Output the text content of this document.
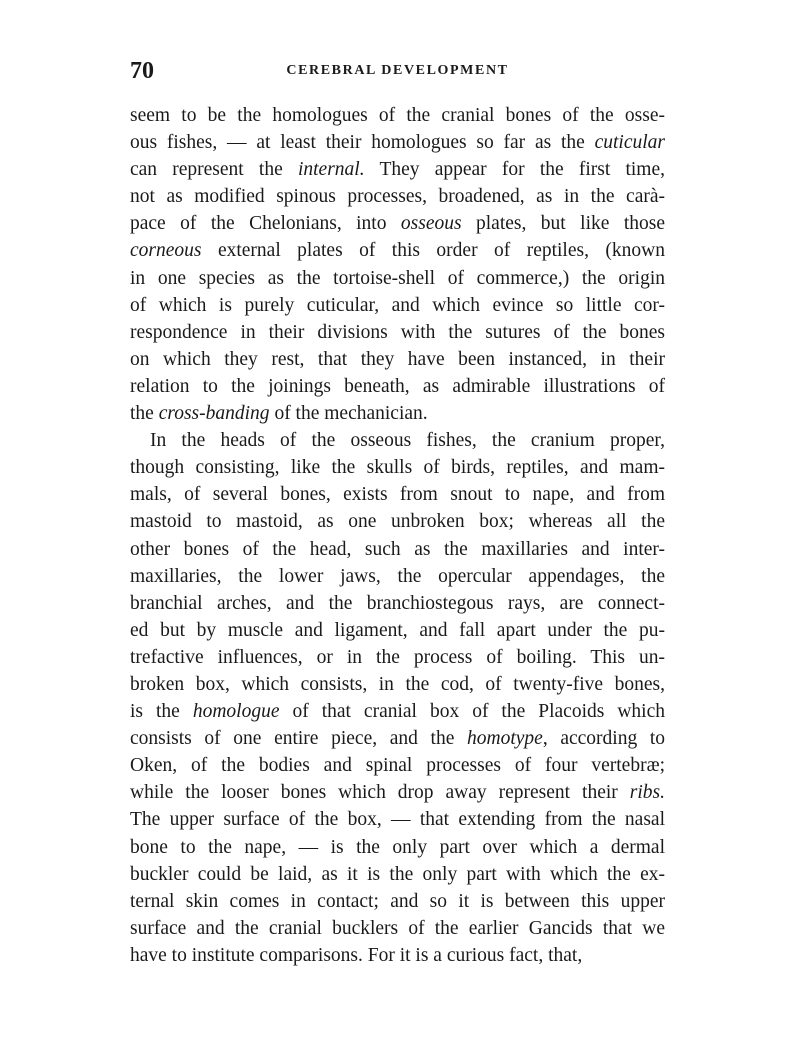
70	CEREBRAL DEVELOPMENT
seem to be the homologues of the cranial bones of the osse-
ous fishes, — at least their homologues so far as the cuticular
can represent the internal. They appear for the first time,
not as modified spinous processes, broadened, as in the carà-
pace of the Chelonians, into osseous plates, but like those
corneous external plates of this order of reptiles, (known
in one species as the tortoise-shell of commerce,) the origin
of which is purely cuticular, and which evince so little cor-
respondence in their divisions with the sutures of the bones
on which they rest, that they have been instanced, in their
relation to the joinings beneath, as admirable illustrations of
the cross-banding of the mechanician.
In the heads of the osseous fishes, the cranium proper,
though consisting, like the skulls of birds, reptiles, and mam-
mals, of several bones, exists from snout to nape, and from
mastoid to mastoid, as one unbroken box; whereas all the
other bones of the head, such as the maxillaries and inter-
maxillaries, the lower jaws, the opercular appendages, the
branchial arches, and the branchiostegous rays, are connect-
ed but by muscle and ligament, and fall apart under the pu-
trefactive influences, or in the process of boiling. This un-
broken box, which consists, in the cod, of twenty-five bones,
is the homologue of that cranial box of the Placoids which
consists of one entire piece, and the homotype, according to
Oken, of the bodies and spinal processes of four vertebræ;
while the looser bones which drop away represent their ribs.
The upper surface of the box, — that extending from the nasal
bone to the nape, — is the only part over which a dermal
buckler could be laid, as it is the only part with which the ex-
ternal skin comes in contact; and so it is between this upper
surface and the cranial bucklers of the earlier Gancids that we
have to institute comparisons. For it is a curious fact, that,
